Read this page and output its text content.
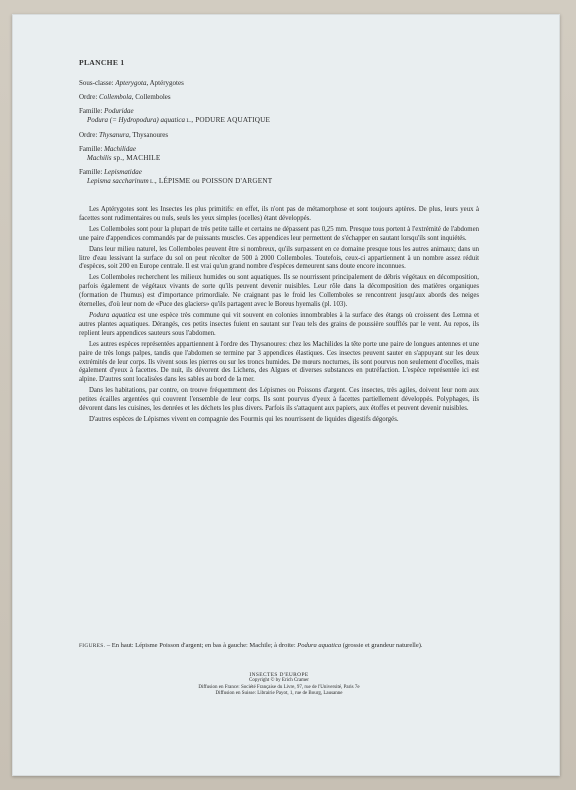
PLANCHE 1
Sous-classe: Apterygota, Aptérygotes
Ordre: Collembola, Collemboles
Famille: Poduridae
Podura (= Hydropodura) aquatica L., PODURE AQUATIQUE
Ordre: Thysanura, Thysanoures
Famille: Machilidae
Machilis sp., MACHILE
Famille: Lepismatidae
Lepisma saccharinum L., LÉPISME ou POISSON D'ARGENT

Les Aptérygotes sont les Insectes les plus primitifs: en effet, ils n'ont pas de métamorphose et sont toujours aptères. De plus, leurs yeux à facettes sont rudimentaires ou nuls, seuls les yeux simples (ocelles) étant développés.

Les Collemboles sont pour la plupart de très petite taille et certains ne dépassent pas 0,25 mm. Presque tous portent à l'extrémité de l'abdomen une paire d'appendices commandés par de puissants muscles. Ces appendices leur permettent de s'échapper en sautant lorsqu'ils sont inquiétés.

Dans leur milieu naturel, les Collemboles peuvent être si nombreux, qu'ils surpassent en ce domaine presque tous les autres animaux; dans un litre d'eau lessivant la surface du sol on peut récolter de 500 à 2000 Collemboles. Toutefois, ceux-ci appartiennent à un nombre assez réduit d'espèces, soit 200 en Europe centrale. Il est vrai qu'un grand nombre d'espèces demeurent sans doute encore inconnues.

Les Collemboles recherchent les milieux humides ou sont aquatiques. Ils se nourrissent principalement de débris végétaux en décomposition, parfois également de végétaux vivants de sorte qu'ils peuvent devenir nuisibles. Leur rôle dans la décomposition des matières organiques (formation de l'humus) est d'importance primordiale. Ne craignant pas le froid les Collemboles se rencontrent jusqu'aux abords des neiges éternelles, d'où leur nom de «Puce des glaciers» qu'ils partagent avec le Boreus hyemalis (pl. 103).

Podura aquatica est une espèce très commune qui vit souvent en colonies innombrables à la surface des étangs où croissent des Lemna et autres plantes aquatiques. Dérangés, ces petits insectes fuient en sautant sur l'eau tels des grains de poussière soufflés par le vent. Au repos, ils replient leurs appendices sauteurs sous l'abdomen.

Les autres espèces représentées appartiennent à l'ordre des Thysanoures: chez les Machilides la tête porte une paire de longues antennes et une paire de très longs palpes, tandis que l'abdomen se termine par 3 appendices élastiques. Ces insectes peuvent sauter en s'appuyant sur les deux extrémités de leur corps. Ils vivent sous les pierres ou sur les troncs humides. De mœurs nocturnes, ils sont pourvus non seulement d'ocelles, mais également d'yeux à facettes. De nuit, ils dévorent des Lichens, des Algues et diverses substances en putréfaction. L'espèce représentée ici est alpine. D'autres sont localisées dans les sables au bord de la mer.

Dans les habitations, par contre, on trouve fréquemment des Lépismes ou Poissons d'argent. Ces insectes, très agiles, doivent leur nom aux petites écailles argentées qui couvrent l'ensemble de leur corps. Ils sont pourvus d'yeux à facettes partiellement développés. Polyphages, ils dévorent dans les cuisines, les denrées et les déchets les plus divers. Parfois ils s'attaquent aux papiers, aux étoffes et peuvent devenir nuisibles.

D'autres espèces de Lépismes vivent en compagnie des Fourmis qui les nourrissent de liquides digestifs dégorgés.

FIGURES. – En haut: Lépisme Poisson d'argent; en bas à gauche: Machile; à droite: Podura aquatica (grossie et grandeur naturelle).
INSECTES D'EUROPE
Copyright © by Erich Cramer
Diffusion en France: Société Française du Livre, 97, rue de l'Université, Paris 7e
Diffusion en Suisse: Librairie Payot, 1, rue de Bourg, Lausanne
